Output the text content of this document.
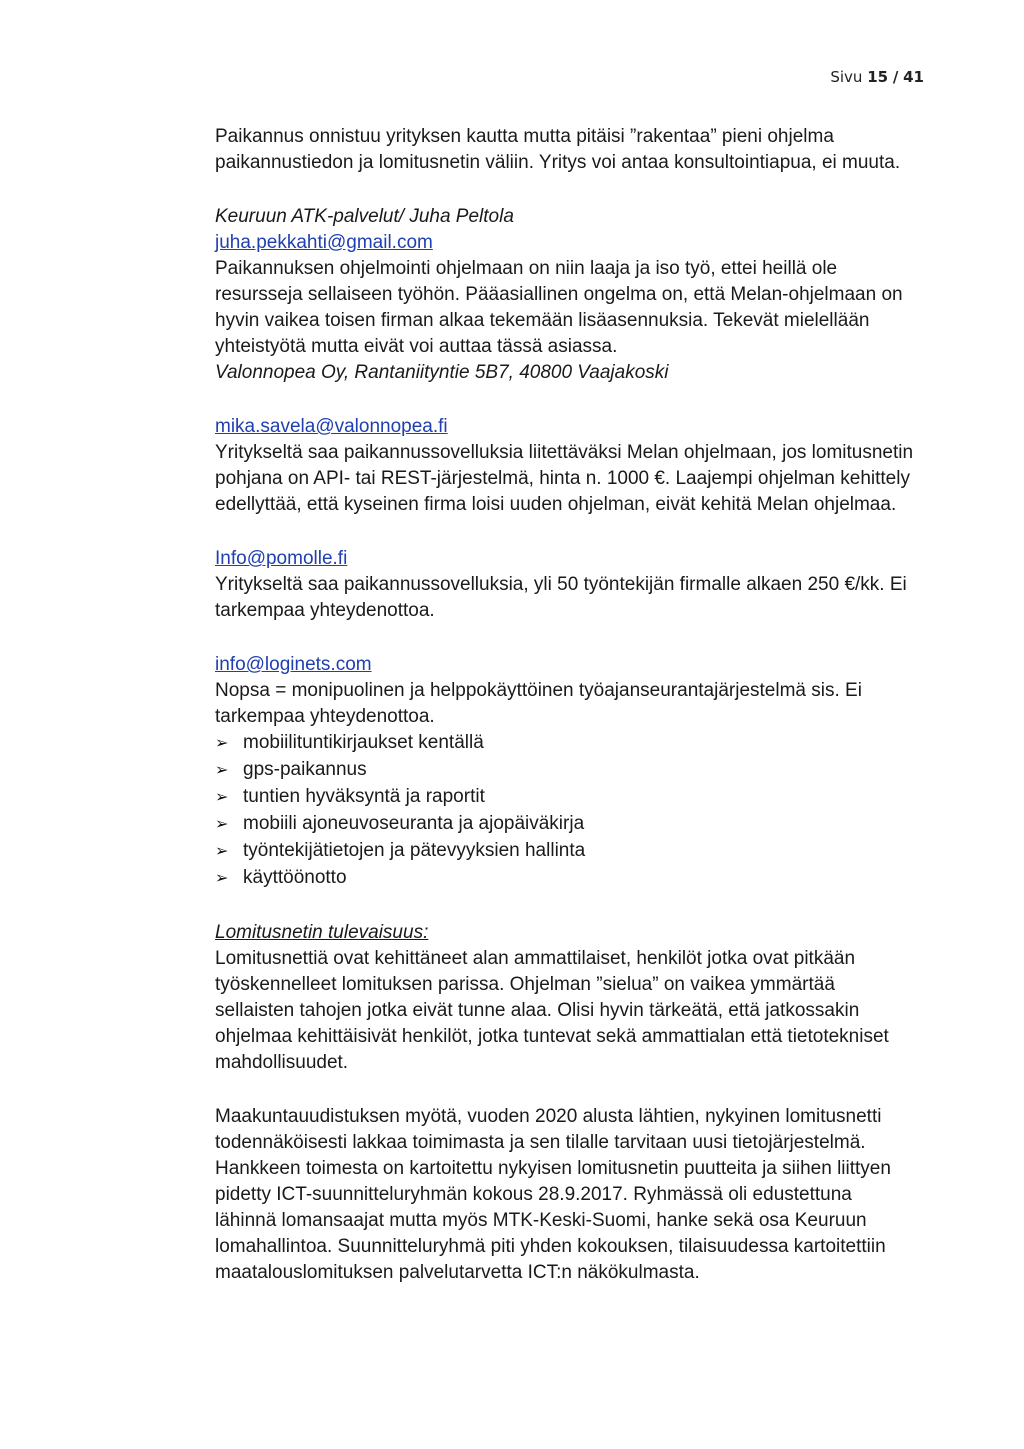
Sivu 15 / 41

Paikannus onnistuu yrityksen kautta mutta pitäisi ”rakentaa” pieni ohjelma paikannustiedon ja lomitusnetin väliin. Yritys voi antaa konsultointiapua, ei muuta.

Keuruun ATK-palvelut/ Juha Peltola

juha.pekkahti@gmail.com

Paikannuksen ohjelmointi ohjelmaan on niin laaja ja iso työ, ettei heillä ole resursseja sellaiseen työhön. Pääasiallinen ongelma on, että Melan-ohjelmaan on hyvin vaikea toisen firman alkaa tekemään lisäasennuksia. Tekevät mielellään yhteistyötä mutta eivät voi auttaa tässä asiassa.

Valonnopea Oy, Rantaniityntie 5B7, 40800 Vaajakoski

mika.savela@valonnopea.fi

Yritykseltä saa paikannussovelluksia liitettäväksi Melan ohjelmaan, jos lomitusnetin pohjana on API- tai REST-järjestelmä, hinta n. 1000 €. Laajempi ohjelman kehittely edellyttää, että kyseinen firma loisi uuden ohjelman, eivät kehitä Melan ohjelmaa.

Info@pomolle.fi

Yritykseltä saa paikannussovelluksia, yli 50 työntekijän firmalle alkaen 250 €/kk. Ei tarkempaa yhteydenottoa.

info@loginets.com

Nopsa = monipuolinen ja helppokäyttöinen työajanseurantajärjestelmä sis. Ei tarkempaa yhteydenottoa.

➢ mobiilituntikirjaukset kentällä
➢ gps-paikannus
➢ tuntien hyväksyntä ja raportit
➢ mobiili ajoneuvoseuranta ja ajopäiväkirja
➢ työntekijätietojen ja pätevyyksien hallinta
➢ käyttöönotto

Lomitusnetin tulevaisuus:

Lomitusnettiä ovat kehittäneet alan ammattilaiset, henkilöt jotka ovat pitkään työskennelleet lomituksen parissa. Ohjelman ”sielua” on vaikea ymmärtää sellaisten tahojen jotka eivät tunne alaa. Olisi hyvin tärkeätä, että jatkossakin ohjelmaa kehittäisivät henkilöt, jotka tuntevat sekä ammattialan että tietotekniset mahdollisuudet.

Maakuntauudistuksen myötä, vuoden 2020 alusta lähtien, nykyinen lomitusnetti todennäköisesti lakkaa toimimasta ja sen tilalle tarvitaan uusi tietojärjestelmä. Hankkeen toimesta on kartoitettu nykyisen lomitusnetin puutteita ja siihen liittyen pidetty ICT-suunnitteluryhmän kokous 28.9.2017. Ryhmässä oli edustettuna lähinnä lomansaajat mutta myös MTK-Keski-Suomi, hanke sekä osa Keuruun lomahallintoa. Suunnitteluryhmä piti yhden kokouksen, tilaisuudessa kartoitettiin maatalouslomituksen palvelutarvetta ICT:n näkökulmasta.
